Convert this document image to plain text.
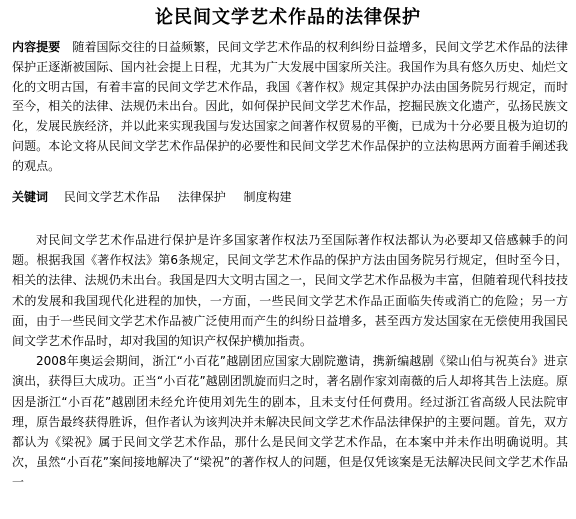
论民间文学艺术作品的法律保护
内容提要 随着国际交往的日益频繁，民间文学艺术作品的权利纠纷日益增多，民间文学艺术作品的法律保护正逐渐被国际、国内社会提上日程，尤其为广大发展中国家所关注。我国作为具有悠久历史、灿烂文化的文明古国，有着丰富的民间文学艺术作品，我国《著作权》规定其保护办法由国务院另行规定，而时至今，相关的法律、法规仍未出台。因此，如何保护民间文学艺术作品，挖掘民族文化遗产，弘扬民族文化，发展民族经济，并以此来实现我国与发达国家之间著作权贸易的平衡，已成为十分必要且极为迫切的问题。本论文将从民间文学艺术作品保护的必要性和民间文学艺术作品保护的立法构思两方面着手阐述我的观点。
关键词 民间文学艺术作品 法律保护 制度构建

对民间文学艺术作品进行保护是许多国家著作权法乃至国际著作权法都认为必要却又倍感棘手的问题。根据我国《著作权法》第6条规定，民间文学艺术作品的保护方法由国务院另行规定，但时至今日，相关的法律、法规仍未出台。我国是四大文明古国之一，民间文学艺术作品极为丰富，但随着现代科技技术的发展和我国现代化进程的加快，一方面，一些民间文学艺术作品正面临失传或消亡的危险；另一方面，由于一些民间文学艺术作品被广泛使用而产生的纠纷日益增多，甚至西方发达国家在无偿使用我国民间文学艺术作品时，却对我国的知识产权保护横加指责。

2008年奥运会期间，浙江“小百花”越剧团应国家大剧院邀请，携新编越剧《梁山伯与祝英台》进京演出，获得巨大成功。正当“小百花”越剧团凯旋而归之时，著名剧作家刘南薇的后人却将其告上法庭。原因是浙江“小百花”越剧团未经允许使用刘先生的剧本，且未支付任何费用。经过浙江省高级人民法院审理，原告最终获得胜诉，但作者认为该判决并未解决民间文学艺术作品法律保护的主要问题。首先，双方都认为《梁祝》属于民间文学艺术作品，那什么是民间文学艺术作品，在本案中并未作出明确说明。其次，虽然“小百花”案间接地解决了“梁祝”的著作权人的问题，但是仅凭该案是无法解决民间文学艺术作品一
